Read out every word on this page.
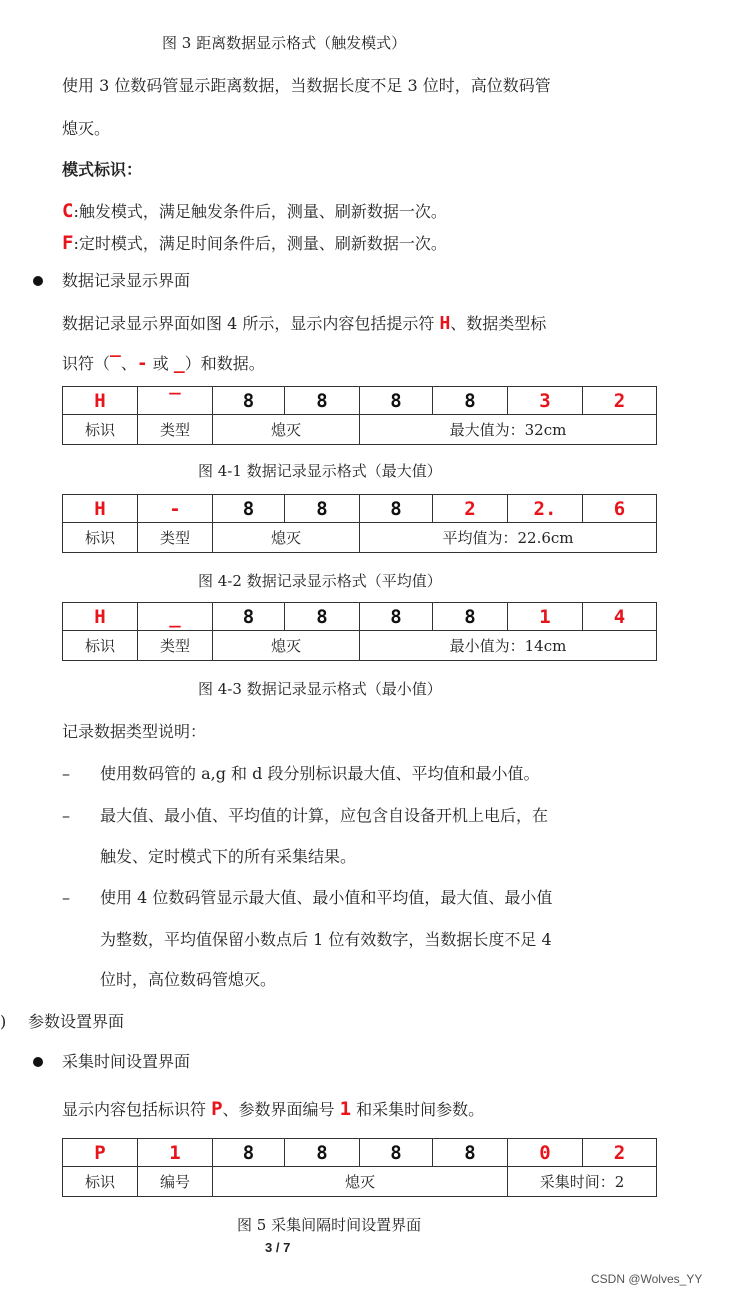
图 3 距离数据显示格式（触发模式）
使用 3 位数码管显示距离数据，当数据长度不足 3 位时，高位数码管
熄灭。
模式标识：
C:触发模式，满足触发条件后，测量、刷新数据一次。
F:定时模式，满足时间条件后，测量、刷新数据一次。
数据记录显示界面
数据记录显示界面如图 4 所示，显示内容包括提示符 H、数据类型标
识符（‾、- 或 _）和数据。
H	‾	8	8	8	8	3	2
标识	类型	熄灭		最大值为：32cm			
图 4-1 数据记录显示格式（最大值）
H	-	8	8	8	2	2.	6
标识	类型	熄灭		平均值为：22.6cm			
图 4-2 数据记录显示格式（平均值）
H	_	8	8	8	8	1	4
标识	类型	熄灭		最小值为：14cm			
图 4-3 数据记录显示格式（最小值）
记录数据类型说明：
– 使用数码管的 a,g 和 d 段分别标识最大值、平均值和最小值。
– 最大值、最小值、平均值的计算，应包含自设备开机上电后，在
触发、定时模式下的所有采集结果。
– 使用 4 位数码管显示最大值、最小值和平均值，最大值、最小值
为整数，平均值保留小数点后 1 位有效数字，当数据长度不足 4
位时，高位数码管熄灭。
) 参数设置界面
采集时间设置界面
显示内容包括标识符 P、参数界面编号 1 和采集时间参数。
P	1	8	8	8	8	0	2
标识	编号	熄灭				采集时间：2	
图 5 采集间隔时间设置界面
3 / 7
CSDN @Wolves_YY
